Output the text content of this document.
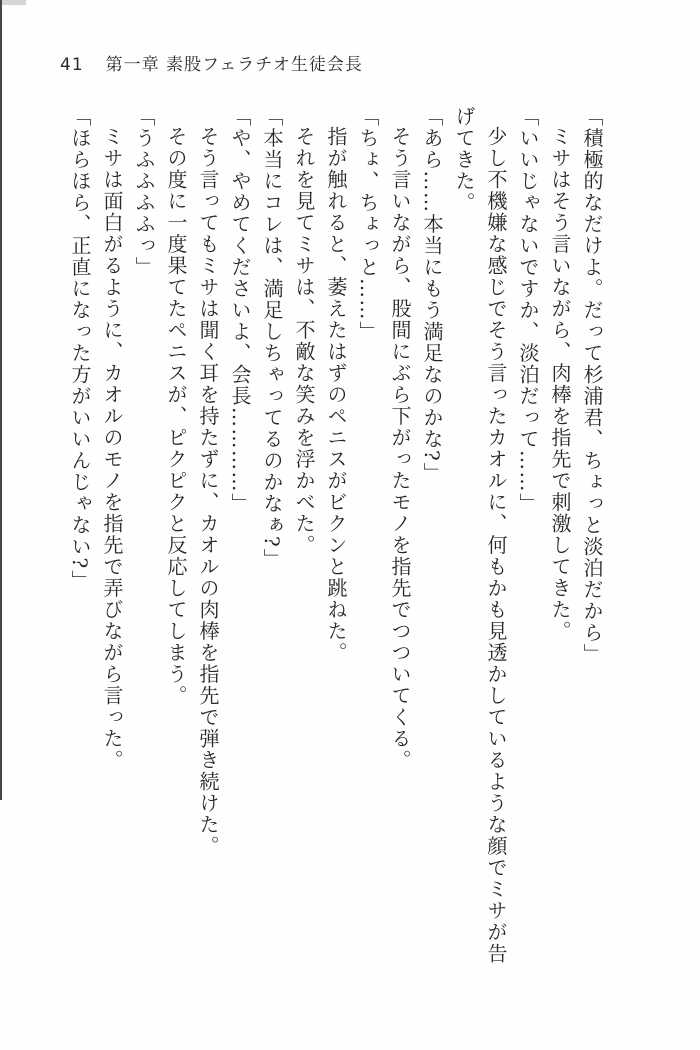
41 第一章 素股フェラチオ生徒会長

「積極的なだけよ。だって杉浦君、ちょっと淡泊だから」

ミサはそう言いながら、肉棒を指先で刺激してきた。

「いいじゃないですか、淡泊だって……」

少し不機嫌な感じでそう言ったカオルに、何もかも見透かしているような顔でミサが告げてきた。

「あら……本当にもう満足なのかな?」

そう言いながら、股間にぶら下がったモノを指先でつついてくる。

「ちょ、ちょっと……」

指が触れると、萎えたはずのペニスがビクンと跳ねた。

それを見てミサは、不敵な笑みを浮かべた。

「本当にコレは、満足しちゃってるのかなぁ?」

「や、やめてくださいよ、会長…………」

そう言ってもミサは聞く耳を持たずに、カオルの肉棒を指先で弾き続けた。

その度に一度果てたペニスが、ピクピクと反応してしまう。

「うふふふふっ」

ミサは面白がるように、カオルのモノを指先で弄びながら言った。

「ほらほら、正直になった方がいいんじゃない?」
